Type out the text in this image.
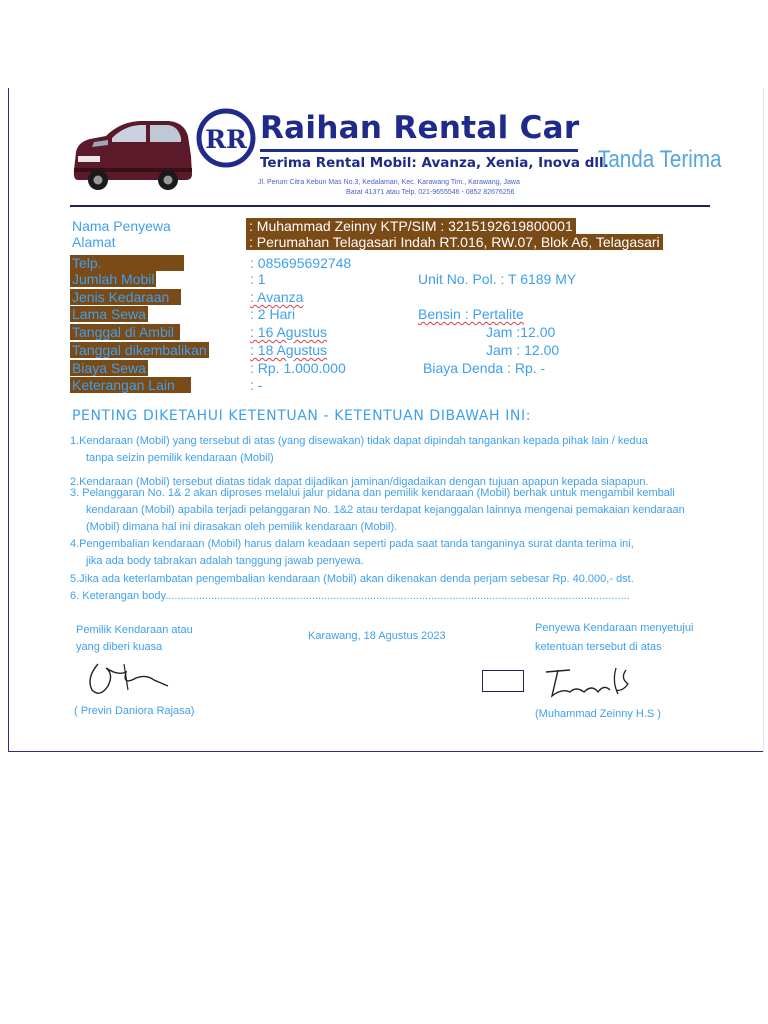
RR Raihan Rental Car
Terima Rental Mobil: Avanza, Xenia, Inova dll.
Jl. Perum Citra Kebun Mas No.3, Kedalaman, Kec. Karawang Tim., Karawang, Jawa
Barat 41371 atau Telp. 021-9655546 - 0852 82676256
Tanda Terima
Nama Penyewa	: Muhammad Zeinny KTP/SIM : 3215192619800001
Alamat	: Perumahan Telagasari Indah RT.016, RW.07, Blok A6, Telagasari
Telp.	: 085695692748
Jumlah Mobil	: 1	Unit No. Pol. : T 6189 MY
Jenis Kedaraan	: Avanza
Lama Sewa	: 2 Hari	Bensin : Pertalite
Tanggal di Ambil	: 16 Agustus	Jam :12.00
Tanggal dikembalikan	: 18 Agustus	Jam : 12.00
Biaya Sewa	: Rp. 1.000.000	Biaya Denda : Rp. -
Keterangan Lain	: -
PENTING DIKETAHUI KETENTUAN - KETENTUAN DIBAWAH INI:
1.Kendaraan (Mobil) yang tersebut di atas (yang disewakan) tidak dapat dipindah tangankan kepada pihak lain / kedua
tanpa seizin pemilik kendaraan (Mobil)
2.Kendaraan (Mobil) tersebut diatas tidak dapat dijadikan jaminan/digadaikan dengan tujuan apapun kepada siapapun.
3. Pelanggaran No. 1& 2 akan diproses melalui jalur pidana dan pemilik kendaraan (Mobil) berhak untuk mengambil kembali
kendaraan (Mobil) apabila terjadi pelanggaran No. 1&2 atau terdapat kejanggalan lainnya mengenai pemakaian kendaraan
(Mobil) dimana hal ini dirasakan oleh pemilik kendaraan (Mobil).
4.Pengembalian kendaraan (Mobil) harus dalam keadaan seperti pada saat tanda tanganinya surat danta terima ini,
jika ada body tabrakan adalah tanggung jawab penyewa.
5.Jika ada keterlambatan pengembalian kendaraan (Mobil) akan dikenakan denda perjam sebesar Rp. 40.000,- dst.
6. Keterangan body........................................................................................................................................................
Pemilik Kendaraan atau
yang diberi kuasa
( Previn Daniora Rajasa)
Karawang, 18 Agustus 2023
Penyewa Kendaraan menyetujui
ketentuan tersebut di atas
(Muhammad Zeinny H.S )
